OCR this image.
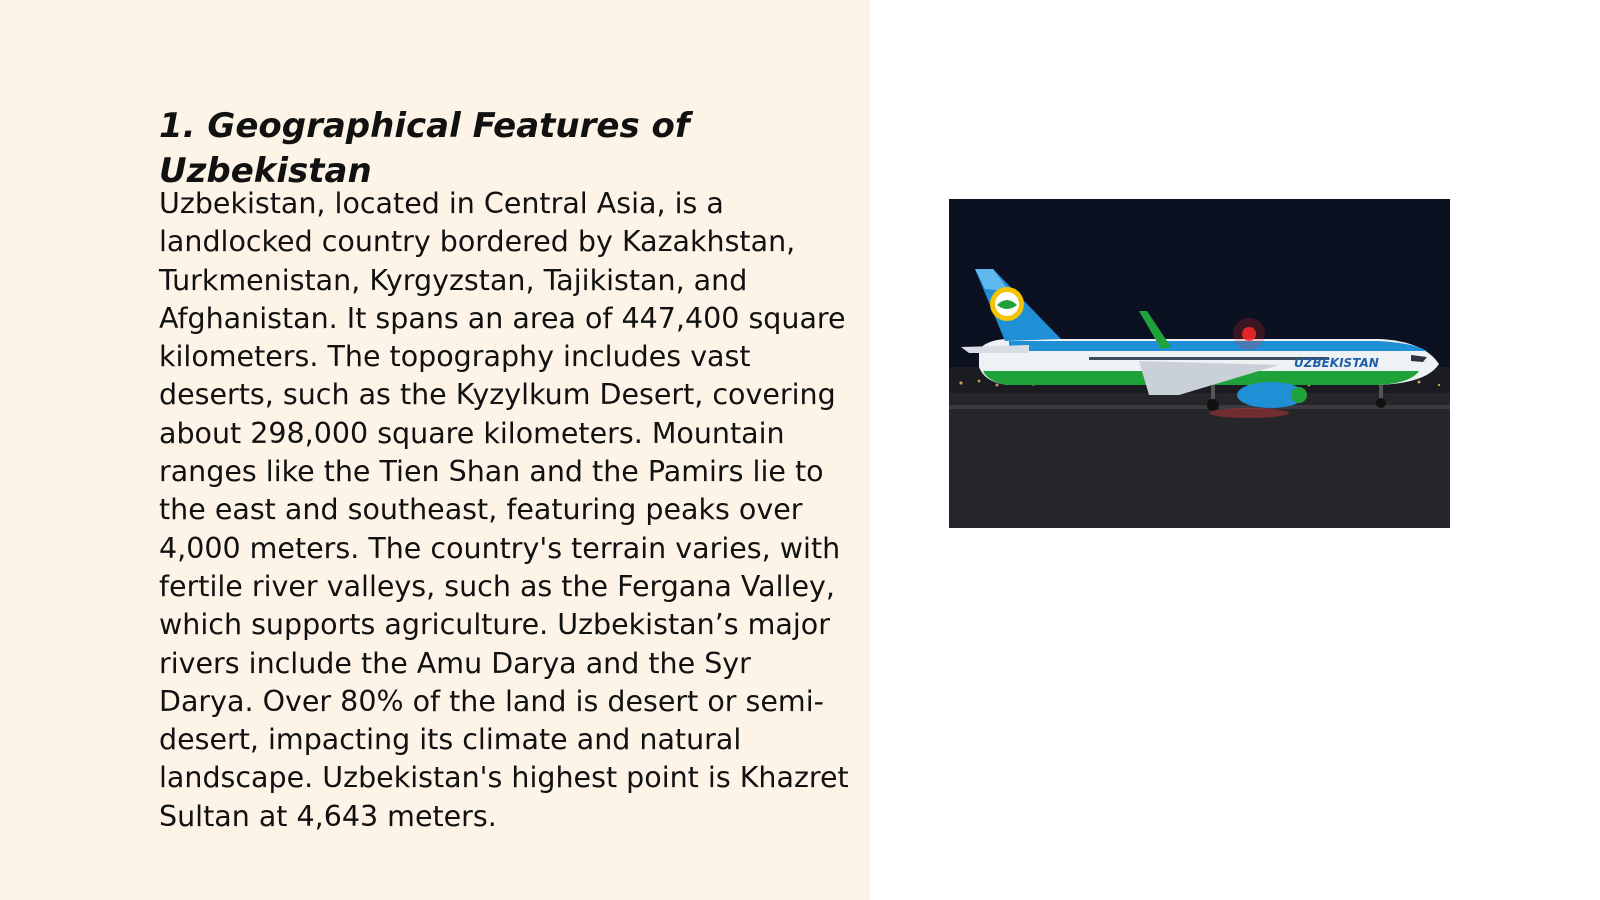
1. Geographical Features of Uzbekistan

Uzbekistan, located in Central Asia, is a landlocked country bordered by Kazakhstan, Turkmenistan, Kyrgyzstan, Tajikistan, and Afghanistan. It spans an area of 447,400 square kilometers. The topography includes vast deserts, such as the Kyzylkum Desert, covering about 298,000 square kilometers. Mountain ranges like the Tien Shan and the Pamirs lie to the east and southeast, featuring peaks over 4,000 meters. The country's terrain varies, with fertile river valleys, such as the Fergana Valley, which supports agriculture. Uzbekistan’s major rivers include the Amu Darya and the Syr Darya. Over 80% of the land is desert or semi-desert, impacting its climate and natural landscape. Uzbekistan's highest point is Khazret Sultan at 4,643 meters.

UZBEKISTAN
